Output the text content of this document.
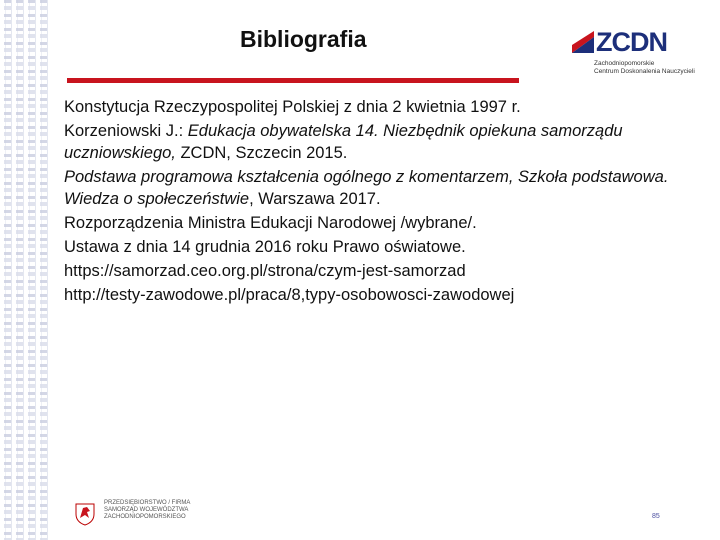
Bibliografia	ZCDN
Zachodniopomorskie
Centrum Doskonalenia Nauczycieli
Konstytucja Rzeczypospolitej Polskiej z dnia 2 kwietnia 1997 r.
Korzeniowski J.: Edukacja obywatelska 14. Niezbędnik opiekuna samorządu uczniowskiego, ZCDN, Szczecin 2015.
Podstawa programowa kształcenia ogólnego z komentarzem, Szkoła podstawowa. Wiedza o społeczeństwie, Warszawa 2017.
Rozporządzenia Ministra Edukacji Narodowej /wybrane/.
Ustawa z dnia 14 grudnia 2016 roku Prawo oświatowe.
https://samorzad.ceo.org.pl/strona/czym-jest-samorzad
http://testy-zawodowe.pl/praca/8,typy-osobowosci-zawodowej
PRZEDSIĘBIORSTWO / FIRMA
SAMORZĄD WOJEWÓDZTWA
ZACHODNIOPOMORSKIEGO	85
